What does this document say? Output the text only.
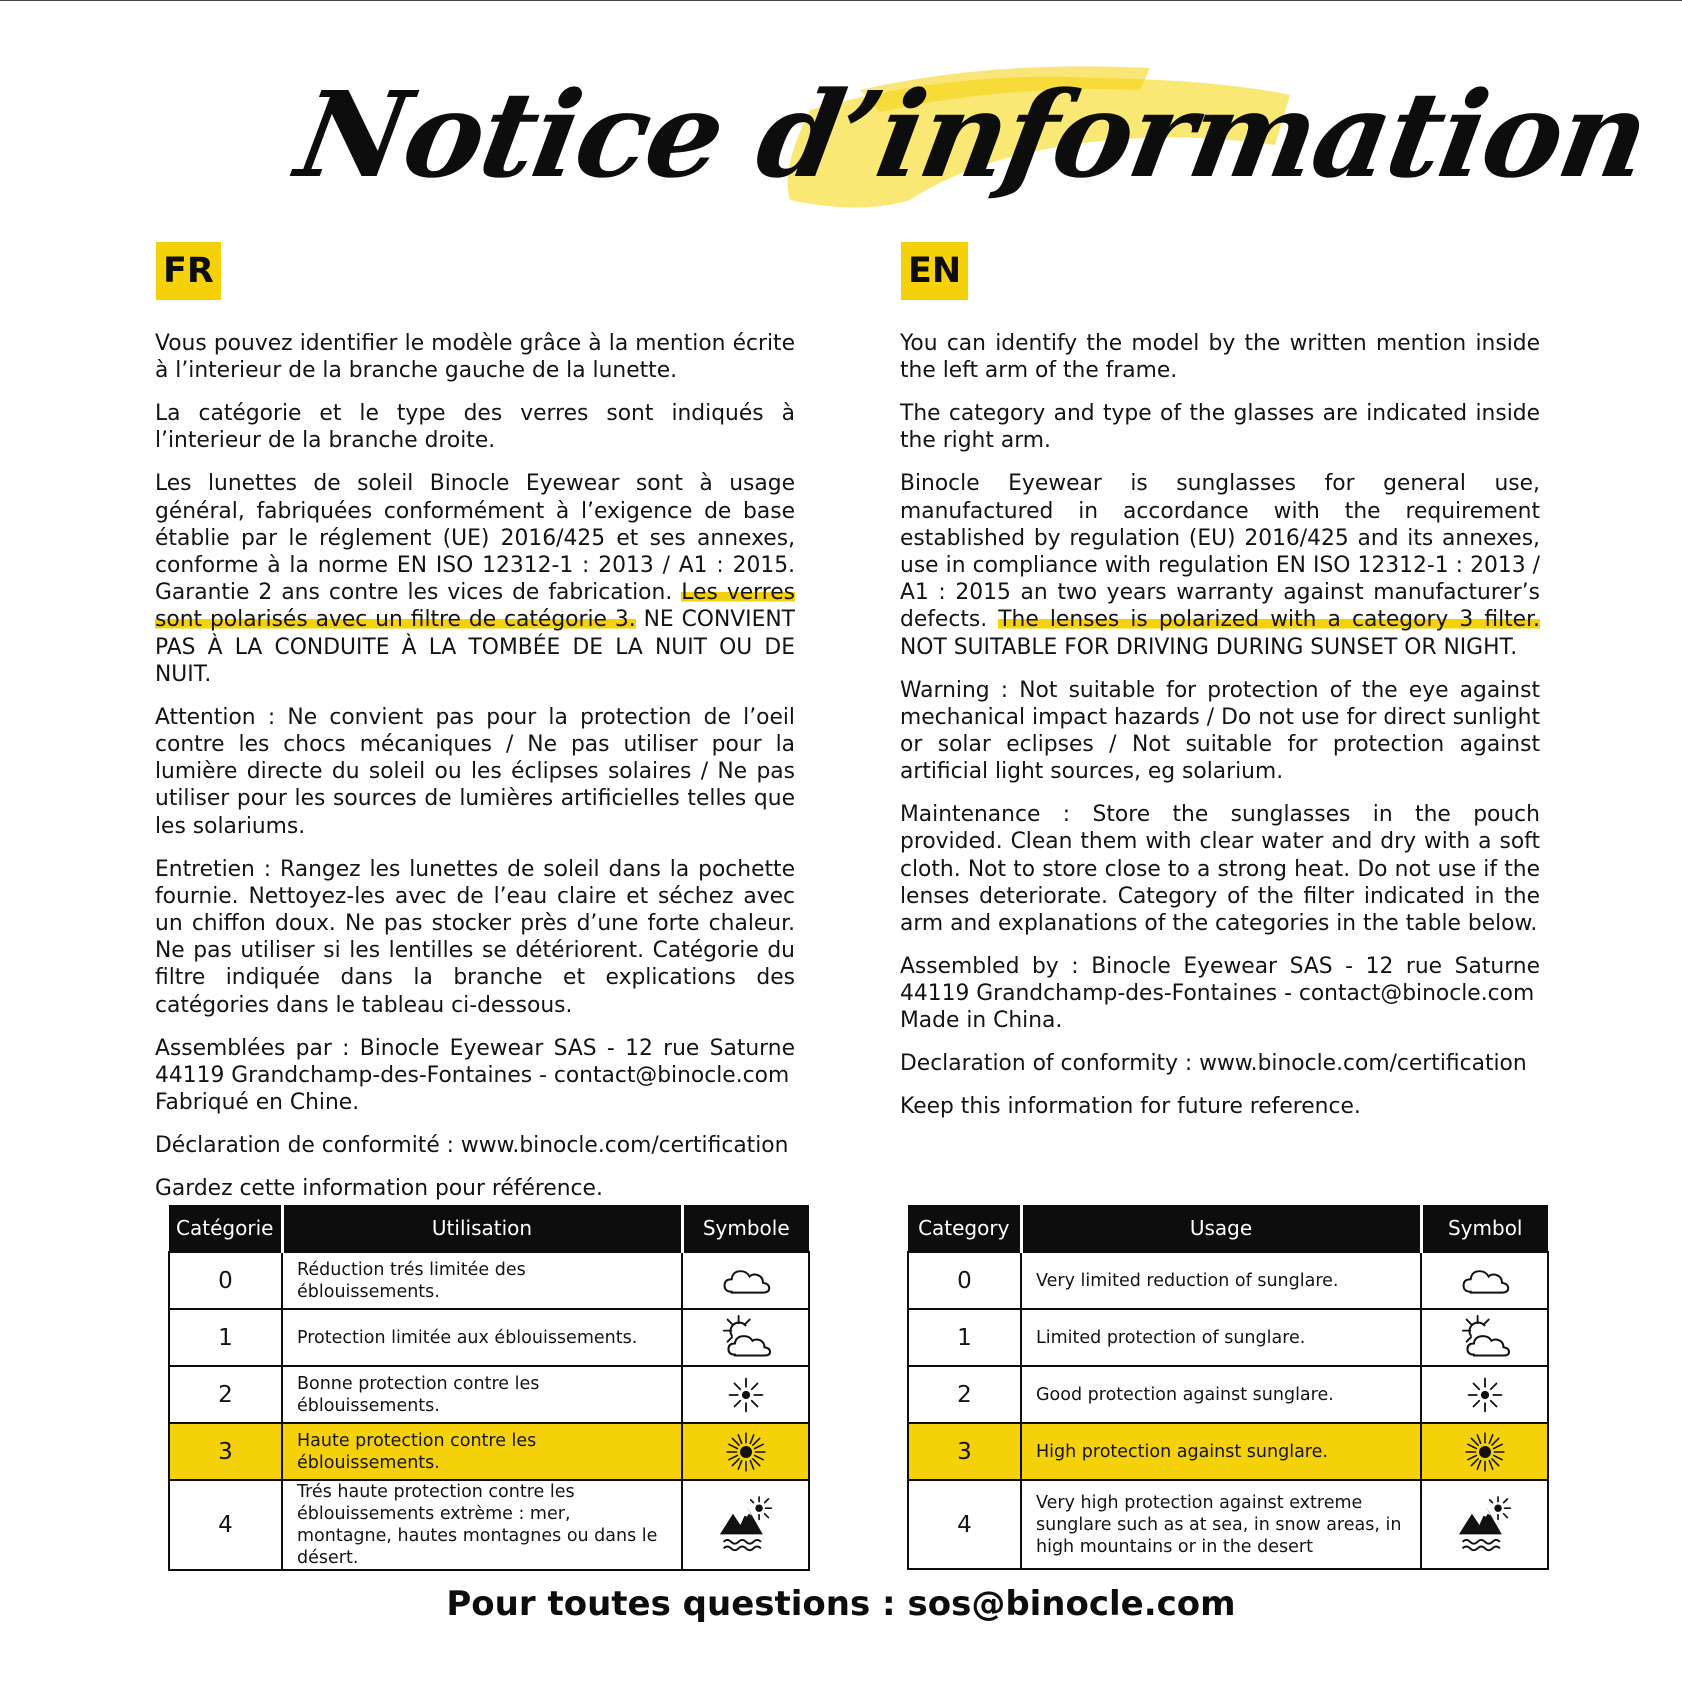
Notice d’information
FR

Vous pouvez identifier le modèle grâce à la mention écrite à l’interieur de la branche gauche de la lunette.

La catégorie et le type des verres sont indiqués à l’interieur de la branche droite.

Les lunettes de soleil Binocle Eyewear sont à usage général, fabriquées conformément à l’exigence de base établie par le réglement (UE) 2016/425 et ses annexes, conforme à la norme EN ISO 12312-1 : 2013 / A1 : 2015. Garantie 2 ans contre les vices de fabrication. Les verres sont polarisés avec un filtre de catégorie 3. NE CONVIENT PAS À LA CONDUITE À LA TOMBÉE DE LA NUIT OU DE NUIT.

Attention : Ne convient pas pour la protection de l’oeil contre les chocs mécaniques / Ne pas utiliser pour la lumière directe du soleil ou les éclipses solaires / Ne pas utiliser pour les sources de lumières artificielles telles que les solariums.

Entretien : Rangez les lunettes de soleil dans la pochette fournie. Nettoyez-les avec de l’eau claire et séchez avec un chiffon doux. Ne pas stocker près d’une forte chaleur. Ne pas utiliser si les lentilles se détériorent. Catégorie du filtre indiquée dans la branche et explications des catégories dans le tableau ci-dessous.

Assemblées par : Binocle Eyewear SAS - 12 rue Saturne 44119 Grandchamp-des-Fontaines - contact@binocle.com
Fabriqué en Chine.

Déclaration de conformité : www.binocle.com/certification

Gardez cette information pour référence.

EN

You can identify the model by the written mention inside the left arm of the frame.

The category and type of the glasses are indicated inside the right arm.

Binocle Eyewear is sunglasses for general use, manufactured in accordance with the requirement established by regulation (EU) 2016/425 and its annexes, use in compliance with regulation EN ISO 12312-1 : 2013 / A1 : 2015 an two years warranty against manufacturer’s defects. The lenses is polarized with a category 3 filter. NOT SUITABLE FOR DRIVING DURING SUNSET OR NIGHT.

Warning : Not suitable for protection of the eye against mechanical impact hazards / Do not use for direct sunlight or solar eclipses / Not suitable for protection against artificial light sources, eg solarium.

Maintenance : Store the sunglasses in the pouch provided. Clean them with clear water and dry with a soft cloth. Not to store close to a strong heat. Do not use if the lenses deteriorate. Category of the filter indicated in the arm and explanations of the categories in the table below.

Assembled by : Binocle Eyewear SAS - 12 rue Saturne 44119 Grandchamp-des-Fontaines - contact@binocle.com
Made in China.

Declaration of conformity : www.binocle.com/certification

Keep this information for future reference.

Catégorie	Utilisation	Symbole
0	Réduction trés limitée des éblouissements.	

1	Protection limitée aux éblouissements.	

2	Bonne protection contre les éblouissements.	

3	Haute protection contre les éblouissements.	

4	Trés haute protection contre les éblouissements extrème : mer, montagne, hautes montagnes ou dans le désert.	
Category	Usage	Symbol
0	Very limited reduction of sunglare.	

1	Limited protection of sunglare.	

2	Good protection against sunglare.	

3	High protection against sunglare.	

4	Very high protection against extreme sunglare such as at sea, in snow areas, in high mountains or in the desert	
Pour toutes questions : sos@binocle.com
